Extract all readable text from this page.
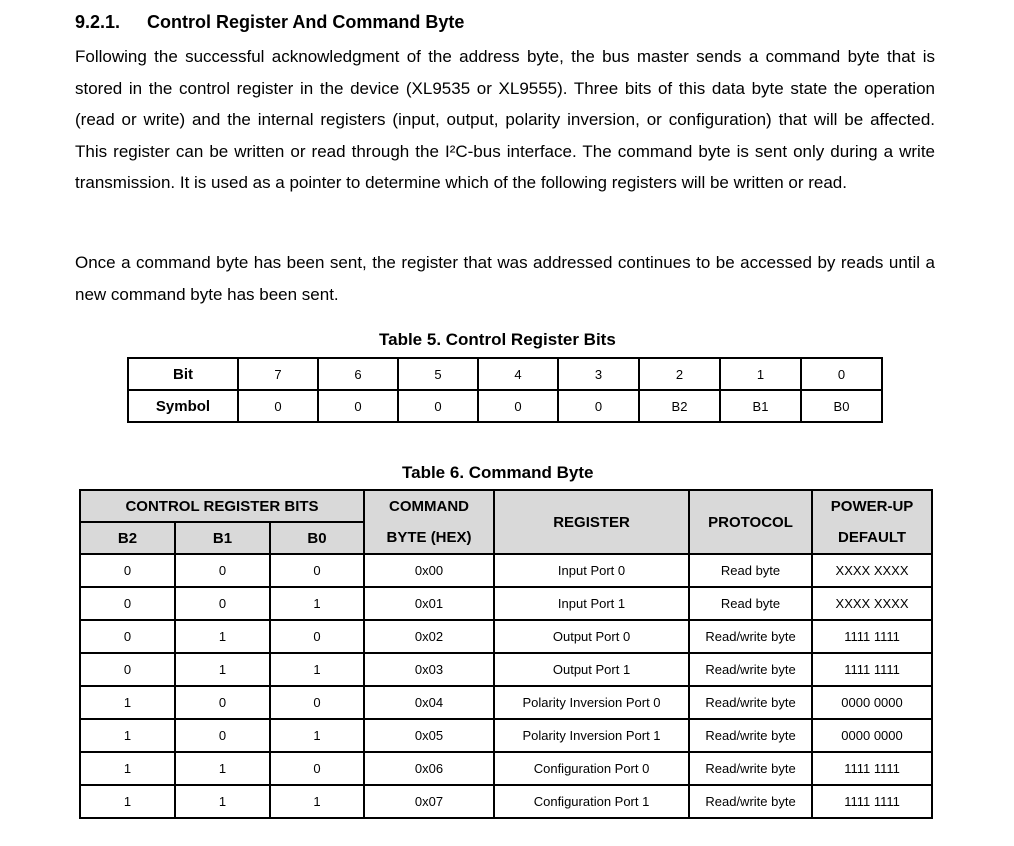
9.2.1. Control Register And Command Byte

Following the successful acknowledgment of the address byte, the bus master sends a command byte that is stored in the control register in the device (XL9535 or XL9555). Three bits of this data byte state the operation (read or write) and the internal registers (input, output, polarity inversion, or configuration) that will be affected. This register can be written or read through the I²C-bus interface. The command byte is sent only during a write transmission. It is used as a pointer to determine which of the following registers will be written or read.

Once a command byte has been sent, the register that was addressed continues to be accessed by reads until a new command byte has been sent.

Table 5. Control Register Bits
Bit	7	6	5	4	3	2	1	0
Symbol	0	0	0	0	0	B2	B1	B0
Table 6. Command Byte
CONTROL REGISTER BITS			COMMAND	REGISTER	PROTOCOL	POWER-UP
B2	B1	B0	BYTE (HEX)			DEFAULT
0	0	0	0x00	Input Port 0	Read byte	XXXX XXXX
0	0	1	0x01	Input Port 1	Read byte	XXXX XXXX
0	1	0	0x02	Output Port 0	Read/write byte	1111 1111
0	1	1	0x03	Output Port 1	Read/write byte	1111 1111
1	0	0	0x04	Polarity Inversion Port 0	Read/write byte	0000 0000
1	0	1	0x05	Polarity Inversion Port 1	Read/write byte	0000 0000
1	1	0	0x06	Configuration Port 0	Read/write byte	1111 1111
1	1	1	0x07	Configuration Port 1	Read/write byte	1111 1111
